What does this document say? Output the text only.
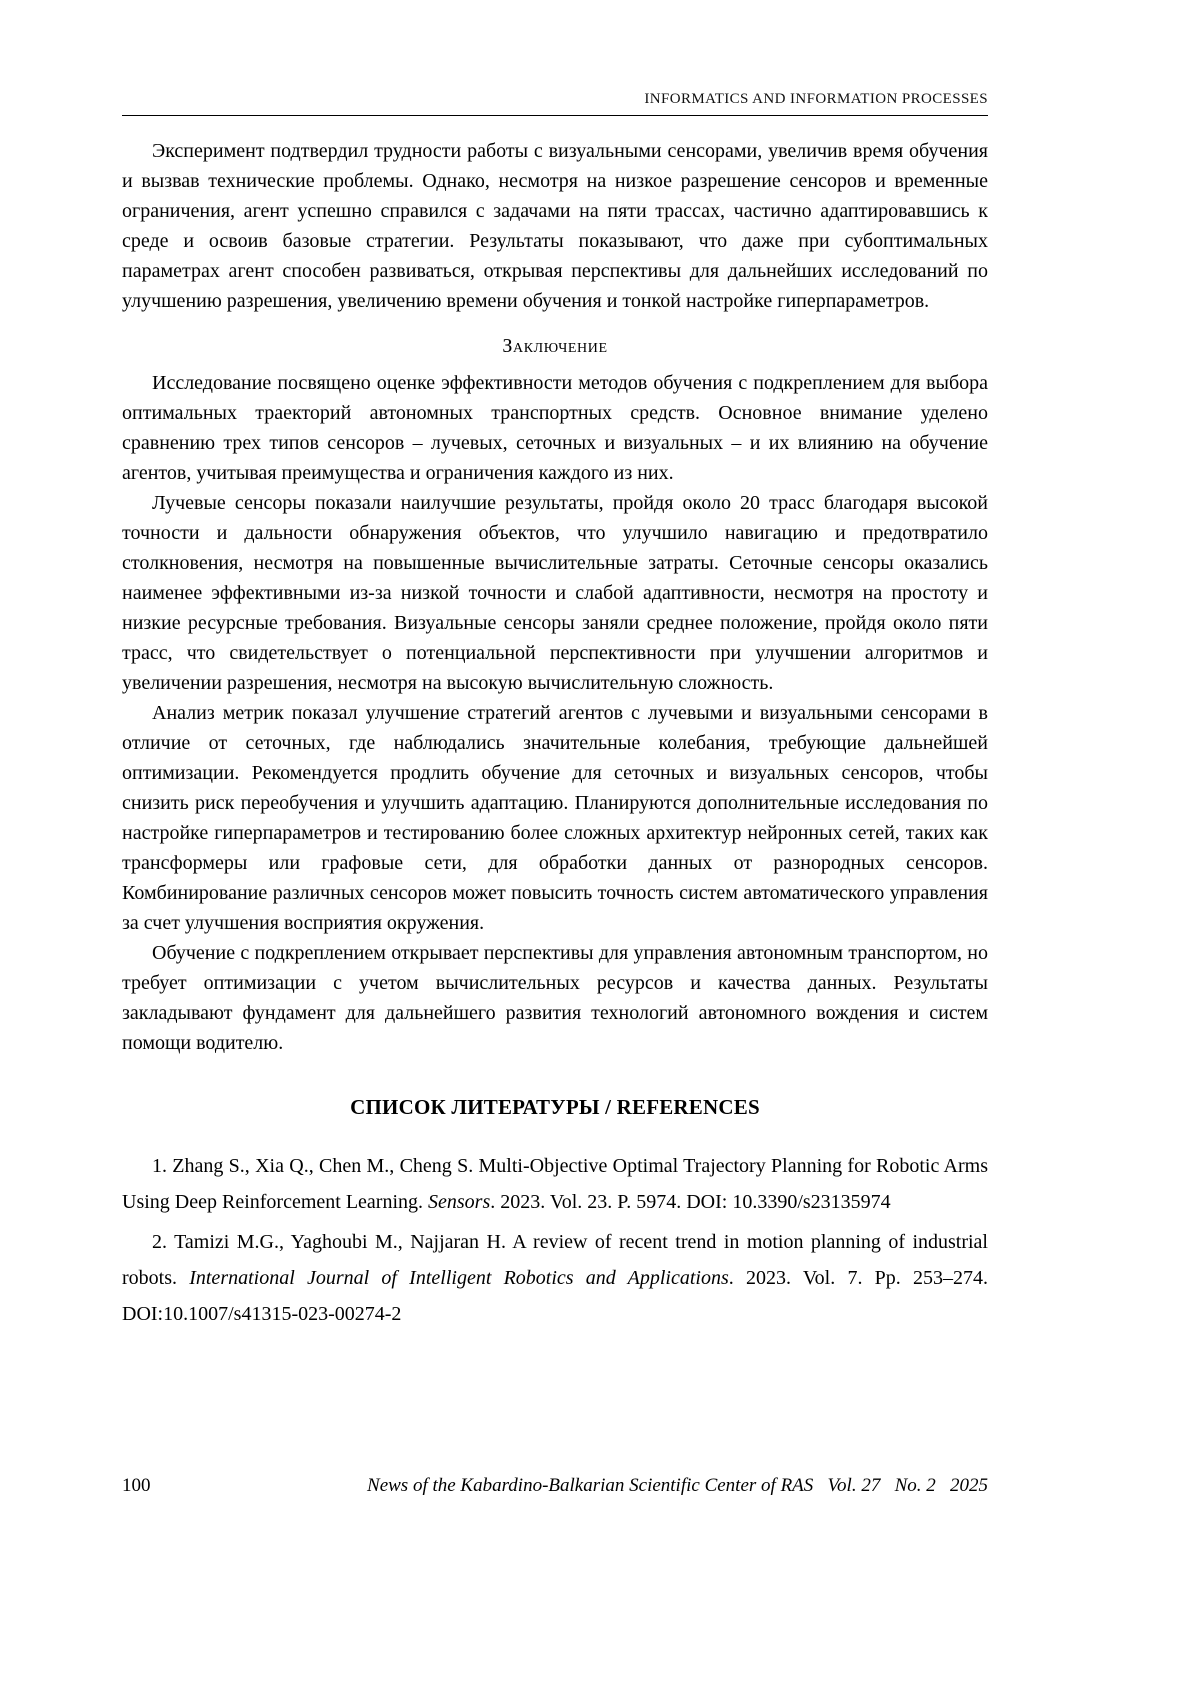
INFORMATICS AND INFORMATION PROCESSES

Эксперимент подтвердил трудности работы с визуальными сенсорами, увеличив время обучения и вызвав технические проблемы. Однако, несмотря на низкое разрешение сенсоров и временные ограничения, агент успешно справился с задачами на пяти трассах, частично адаптировавшись к среде и освоив базовые стратегии. Результаты показывают, что даже при субоптимальных параметрах агент способен развиваться, открывая перспективы для дальнейших исследований по улучшению разрешения, увеличению времени обучения и тонкой настройке гиперпараметров.

Заключение

Исследование посвящено оценке эффективности методов обучения с подкреплением для выбора оптимальных траекторий автономных транспортных средств. Основное внимание уделено сравнению трех типов сенсоров – лучевых, сеточных и визуальных – и их влиянию на обучение агентов, учитывая преимущества и ограничения каждого из них.

Лучевые сенсоры показали наилучшие результаты, пройдя около 20 трасс благодаря высокой точности и дальности обнаружения объектов, что улучшило навигацию и предотвратило столкновения, несмотря на повышенные вычислительные затраты. Сеточные сенсоры оказались наименее эффективными из-за низкой точности и слабой адаптивности, несмотря на простоту и низкие ресурсные требования. Визуальные сенсоры заняли среднее положение, пройдя около пяти трасс, что свидетельствует о потенциальной перспективности при улучшении алгоритмов и увеличении разрешения, несмотря на высокую вычислительную сложность.

Анализ метрик показал улучшение стратегий агентов с лучевыми и визуальными сенсорами в отличие от сеточных, где наблюдались значительные колебания, требующие дальнейшей оптимизации. Рекомендуется продлить обучение для сеточных и визуальных сенсоров, чтобы снизить риск переобучения и улучшить адаптацию. Планируются дополнительные исследования по настройке гиперпараметров и тестированию более сложных архитектур нейронных сетей, таких как трансформеры или графовые сети, для обработки данных от разнородных сенсоров. Комбинирование различных сенсоров может повысить точность систем автоматического управления за счет улучшения восприятия окружения.

Обучение с подкреплением открывает перспективы для управления автономным транспортом, но требует оптимизации с учетом вычислительных ресурсов и качества данных. Результаты закладывают фундамент для дальнейшего развития технологий автономного вождения и систем помощи водителю.

СПИСОК ЛИТЕРАТУРЫ / REFERENCES

1. Zhang S., Xia Q., Chen M., Cheng S. Multi-Objective Optimal Trajectory Planning for Robotic Arms Using Deep Reinforcement Learning. Sensors. 2023. Vol. 23. P. 5974. DOI: 10.3390/s23135974

2. Tamizi M.G., Yaghoubi M., Najjaran H. A review of recent trend in motion planning of industrial robots. International Journal of Intelligent Robotics and Applications. 2023. Vol. 7. Pp. 253–274. DOI:10.1007/s41315-023-00274-2

100	News of the Kabardino-Balkarian Scientific Center of RAS   Vol. 27   No. 2   2025
